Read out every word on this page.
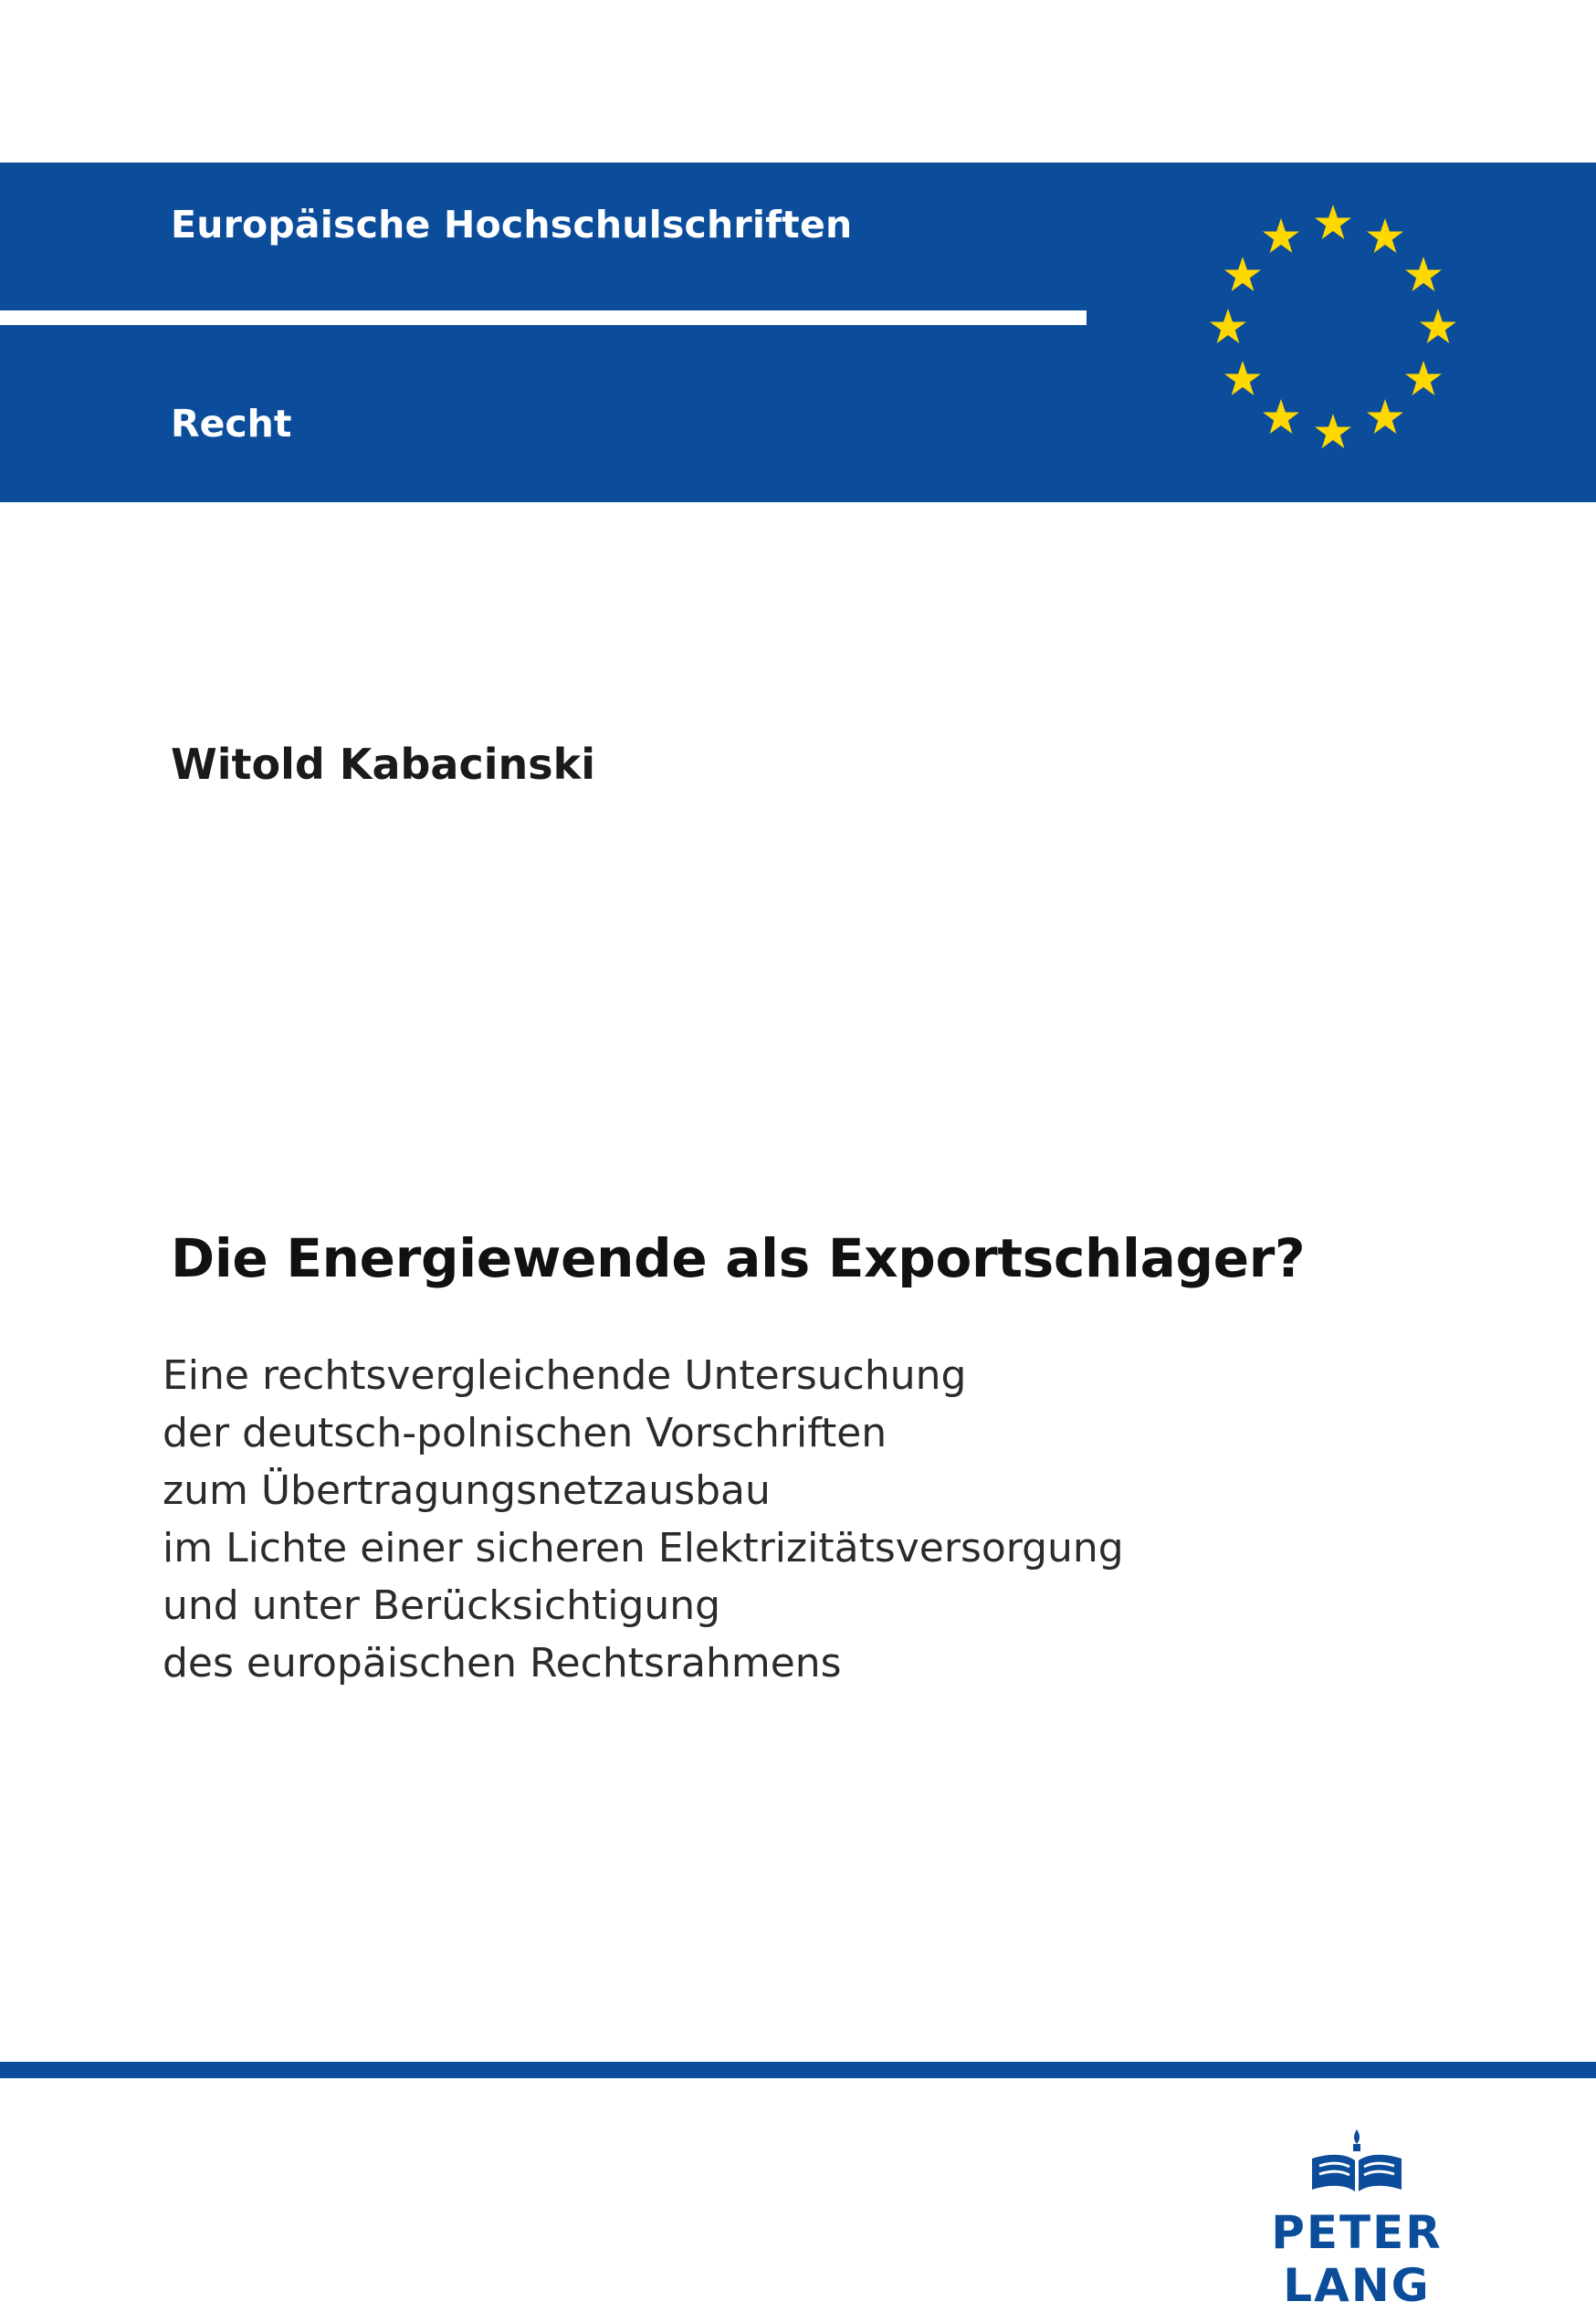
Europäische Hochschulschriften
Recht
Witold Kabacinski
Die Energiewende als Exportschlager?
Eine rechtsvergleichende Untersuchung
der deutsch-polnischen Vorschriften
zum Übertragungsnetzausbau
im Lichte einer sicheren Elektrizitätsversorgung
und unter Berücksichtigung
des europäischen Rechtsrahmens
PETER LANG
